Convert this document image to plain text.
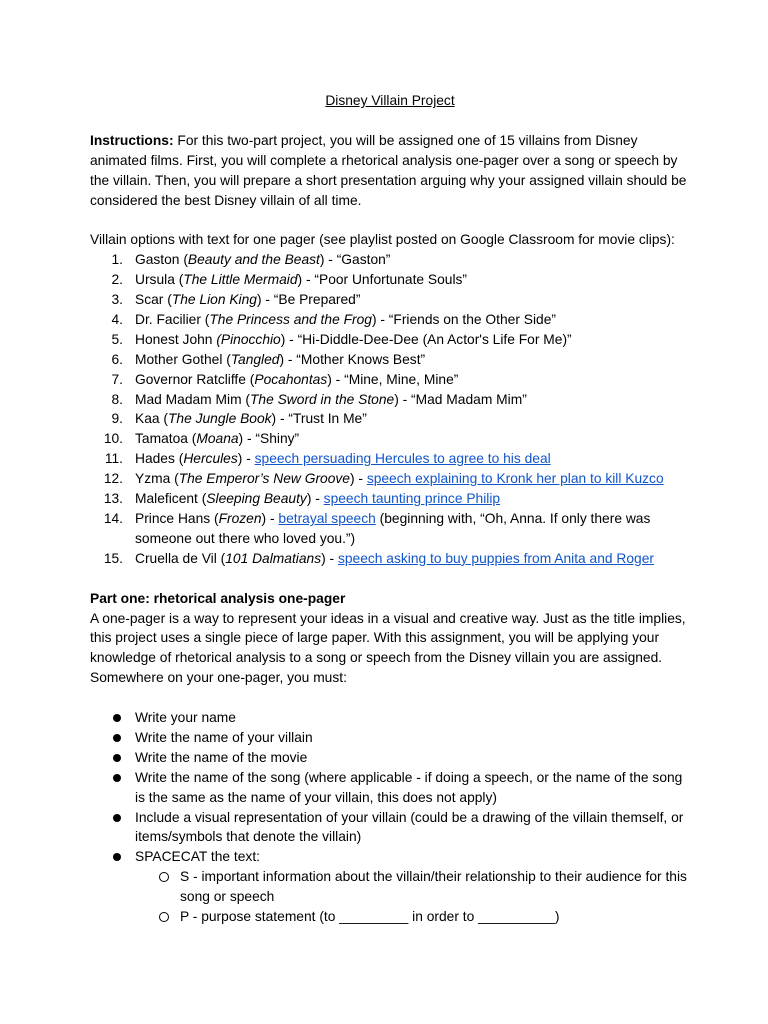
Disney Villain Project

Instructions: For this two-part project, you will be assigned one of 15 villains from Disney animated films. First, you will complete a rhetorical analysis one-pager over a song or speech by the villain. Then, you will prepare a short presentation arguing why your assigned villain should be considered the best Disney villain of all time.

Villain options with text for one pager (see playlist posted on Google Classroom for movie clips):

1. Gaston (Beauty and the Beast) - “Gaston”
2. Ursula (The Little Mermaid) - “Poor Unfortunate Souls”
3. Scar (The Lion King) - “Be Prepared”
4. Dr. Facilier (The Princess and the Frog) - “Friends on the Other Side”
5. Honest John (Pinocchio) - “Hi-Diddle-Dee-Dee (An Actor's Life For Me)”
6. Mother Gothel (Tangled) - “Mother Knows Best”
7. Governor Ratcliffe (Pocahontas) - “Mine, Mine, Mine”
8. Mad Madam Mim (The Sword in the Stone) - “Mad Madam Mim”
9. Kaa (The Jungle Book) - “Trust In Me”
10. Tamatoa (Moana) - “Shiny”
11. Hades (Hercules) - speech persuading Hercules to agree to his deal
12. Yzma (The Emperor’s New Groove) - speech explaining to Kronk her plan to kill Kuzco
13. Maleficent (Sleeping Beauty) - speech taunting prince Philip
14. Prince Hans (Frozen) - betrayal speech (beginning with, “Oh, Anna. If only there was someone out there who loved you.”)
15. Cruella de Vil (101 Dalmatians) - speech asking to buy puppies from Anita and Roger

Part one: rhetorical analysis one-pager

A one-pager is a way to represent your ideas in a visual and creative way. Just as the title implies, this project uses a single piece of large paper. With this assignment, you will be applying your knowledge of rhetorical analysis to a song or speech from the Disney villain you are assigned. Somewhere on your one-pager, you must:

Write your name
Write the name of your villain
Write the name of the movie
Write the name of the song (where applicable - if doing a speech, or the name of the song is the same as the name of your villain, this does not apply)
Include a visual representation of your villain (could be a drawing of the villain themself, or items/symbols that denote the villain)
SPACECAT the text:
S - important information about the villain/their relationship to their audience for this song or speech
P - purpose statement (to _________ in order to __________)
